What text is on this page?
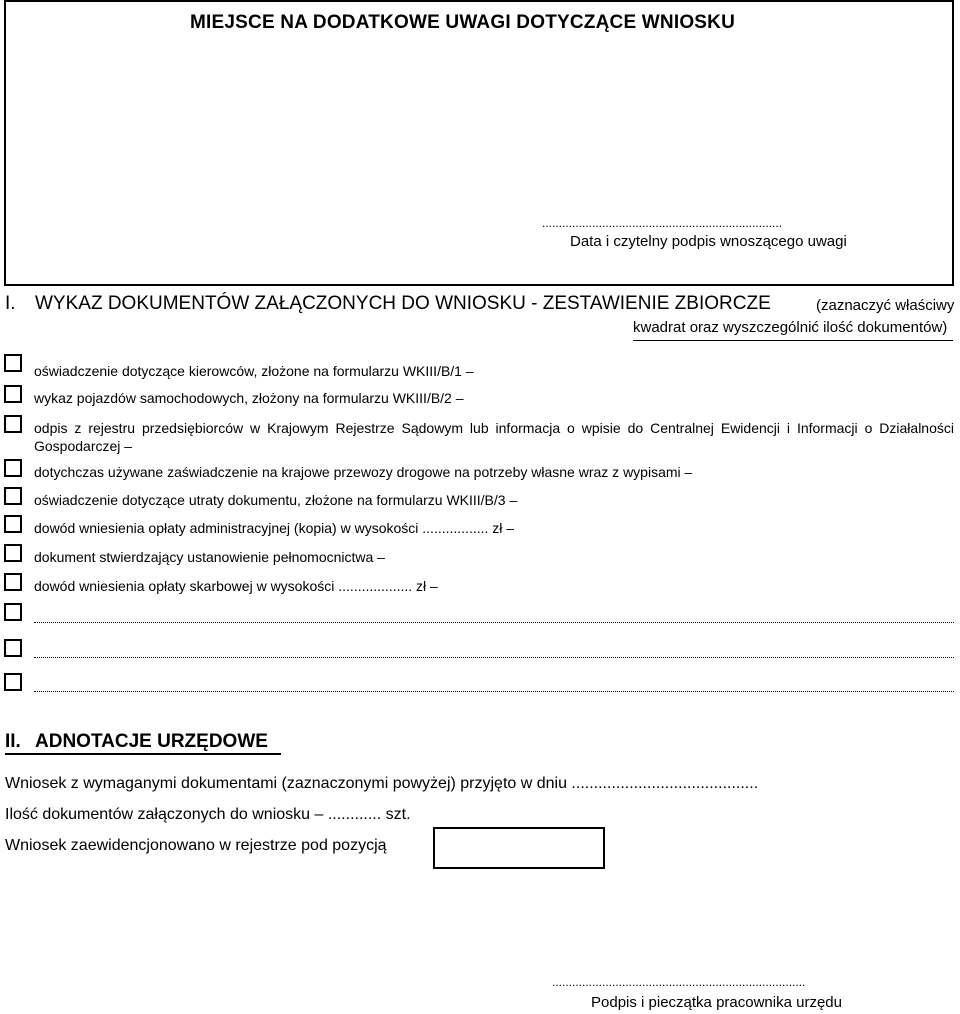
MIEJSCE NA DODATKOWE UWAGI DOTYCZĄCE WNIOSKU
........................................................................
Data i czytelny podpis wnoszącego uwagi
I. WYKAZ DOKUMENTÓW ZAŁĄCZONYCH DO WNIOSKU - ZESTAWIENIE ZBIORCZE	(zaznaczyć właściwy
kwadrat oraz wyszczególnić ilość dokumentów)
oświadczenie dotyczące kierowców, złożone na formularzu WKIII/B/1 –
wykaz pojazdów samochodowych, złożony na formularzu WKIII/B/2 –
odpis z rejestru przedsiębiorców w Krajowym Rejestrze Sądowym lub informacja o wpisie do Centralnej Ewidencji i Informacji o Działalności Gospodarczej –
dotychczas używane zaświadczenie na krajowe przewozy drogowe na potrzeby własne wraz z wypisami –
oświadczenie dotyczące utraty dokumentu, złożone na formularzu WKIII/B/3 –
dowód wniesienia opłaty administracyjnej (kopia) w wysokości ................. zł –
dokument stwierdzający ustanowienie pełnomocnictwa –
dowód wniesienia opłaty skarbowej w wysokości ................... zł –
II. ADNOTACJE URZĘDOWE
Wniosek z wymaganymi dokumentami (zaznaczonymi powyżej) przyjęto w dniu ..........................................
Ilość dokumentów załączonych do wniosku – ............ szt.
Wniosek zaewidencjonowano w rejestrze pod pozycją
............................................................................
Podpis i pieczątka pracownika urzędu
